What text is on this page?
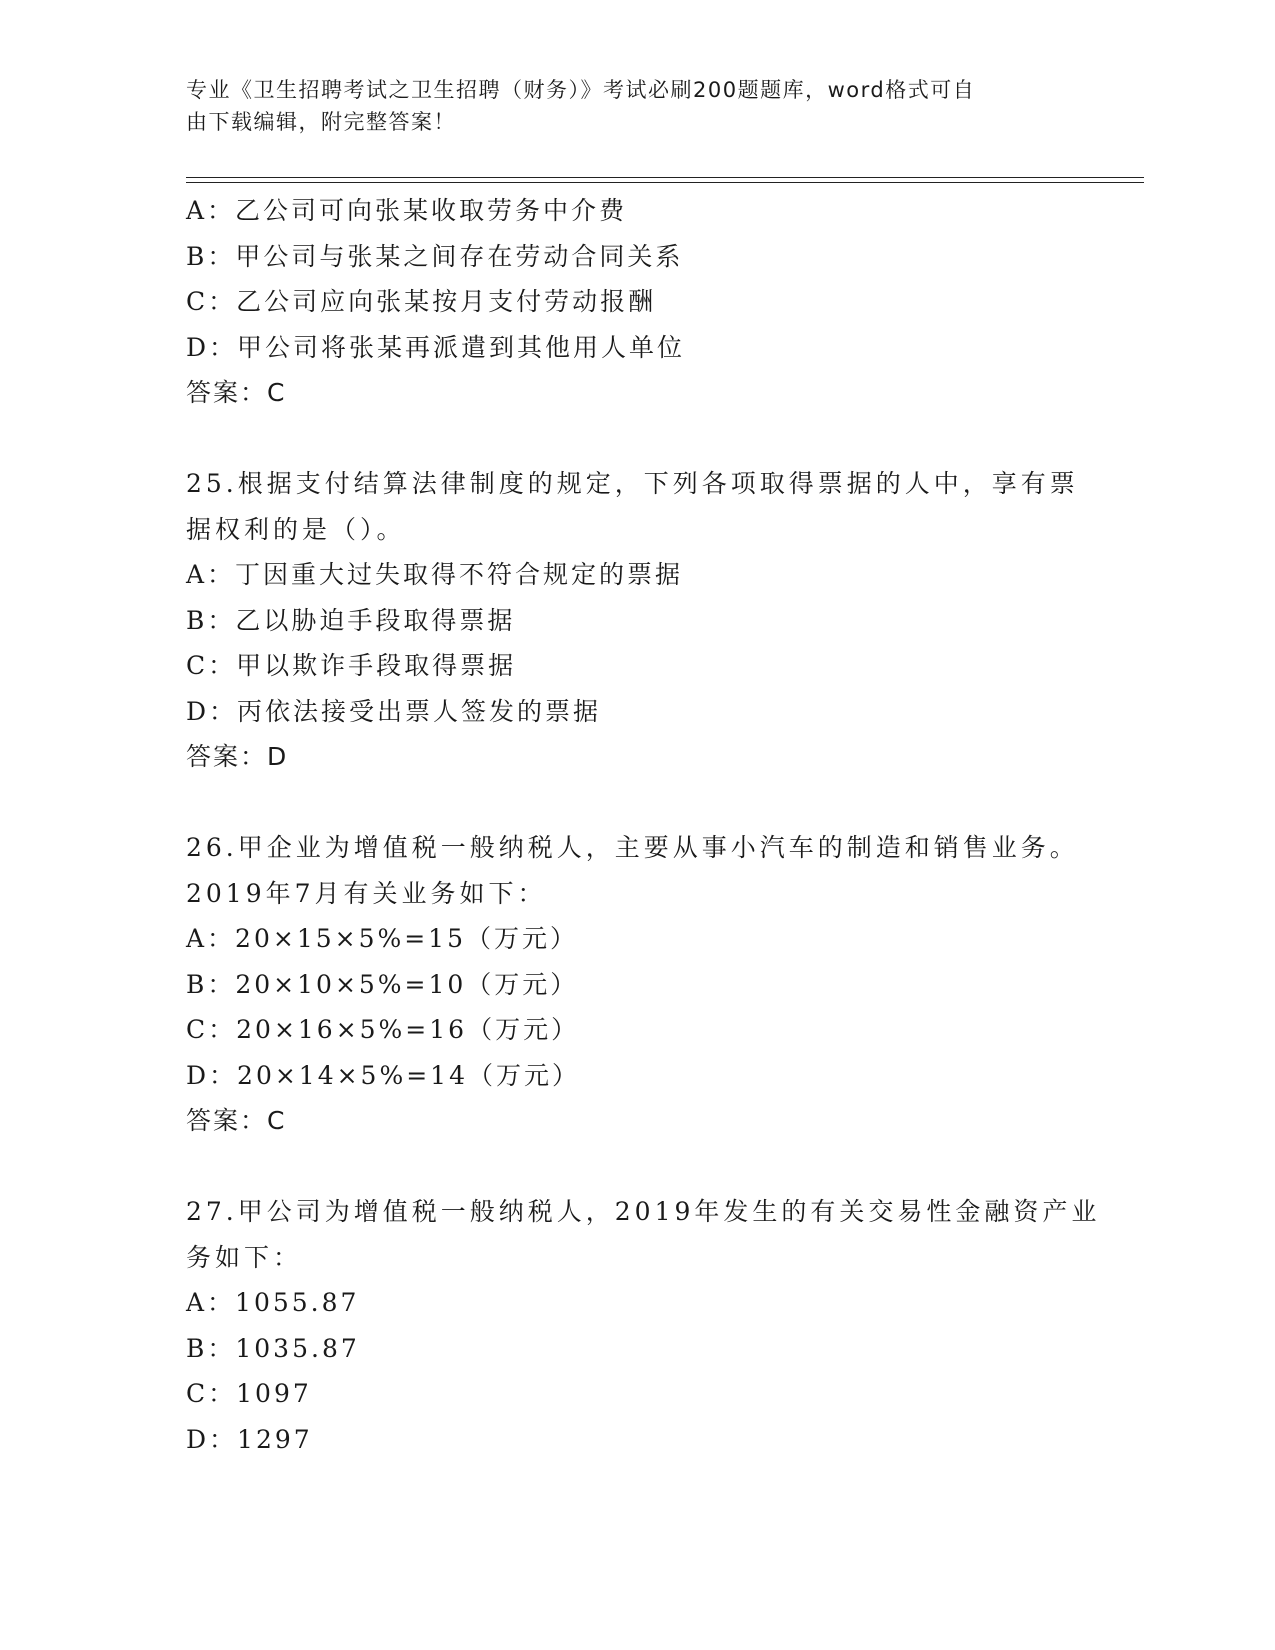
专业《卫生招聘考试之卫生招聘（财务）》考试必刷200题题库，word格式可自
由下载编辑，附完整答案！
A：乙公司可向张某收取劳务中介费
B：甲公司与张某之间存在劳动合同关系
C：乙公司应向张某按月支付劳动报酬
D：甲公司将张某再派遣到其他用人单位
答案：C
25.根据支付结算法律制度的规定，下列各项取得票据的人中，享有票
据权利的是（）。
A：丁因重大过失取得不符合规定的票据
B：乙以胁迫手段取得票据
C：甲以欺诈手段取得票据
D：丙依法接受出票人签发的票据
答案：D
26.甲企业为增值税一般纳税人，主要从事小汽车的制造和销售业务。
2019年7月有关业务如下：
A：20×15×5%=15（万元）
B：20×10×5%=10（万元）
C：20×16×5%=16（万元）
D：20×14×5%=14（万元）
答案：C
27.甲公司为增值税一般纳税人，2019年发生的有关交易性金融资产业
务如下：
A：1055.87
B：1035.87
C：1097
D：1297
